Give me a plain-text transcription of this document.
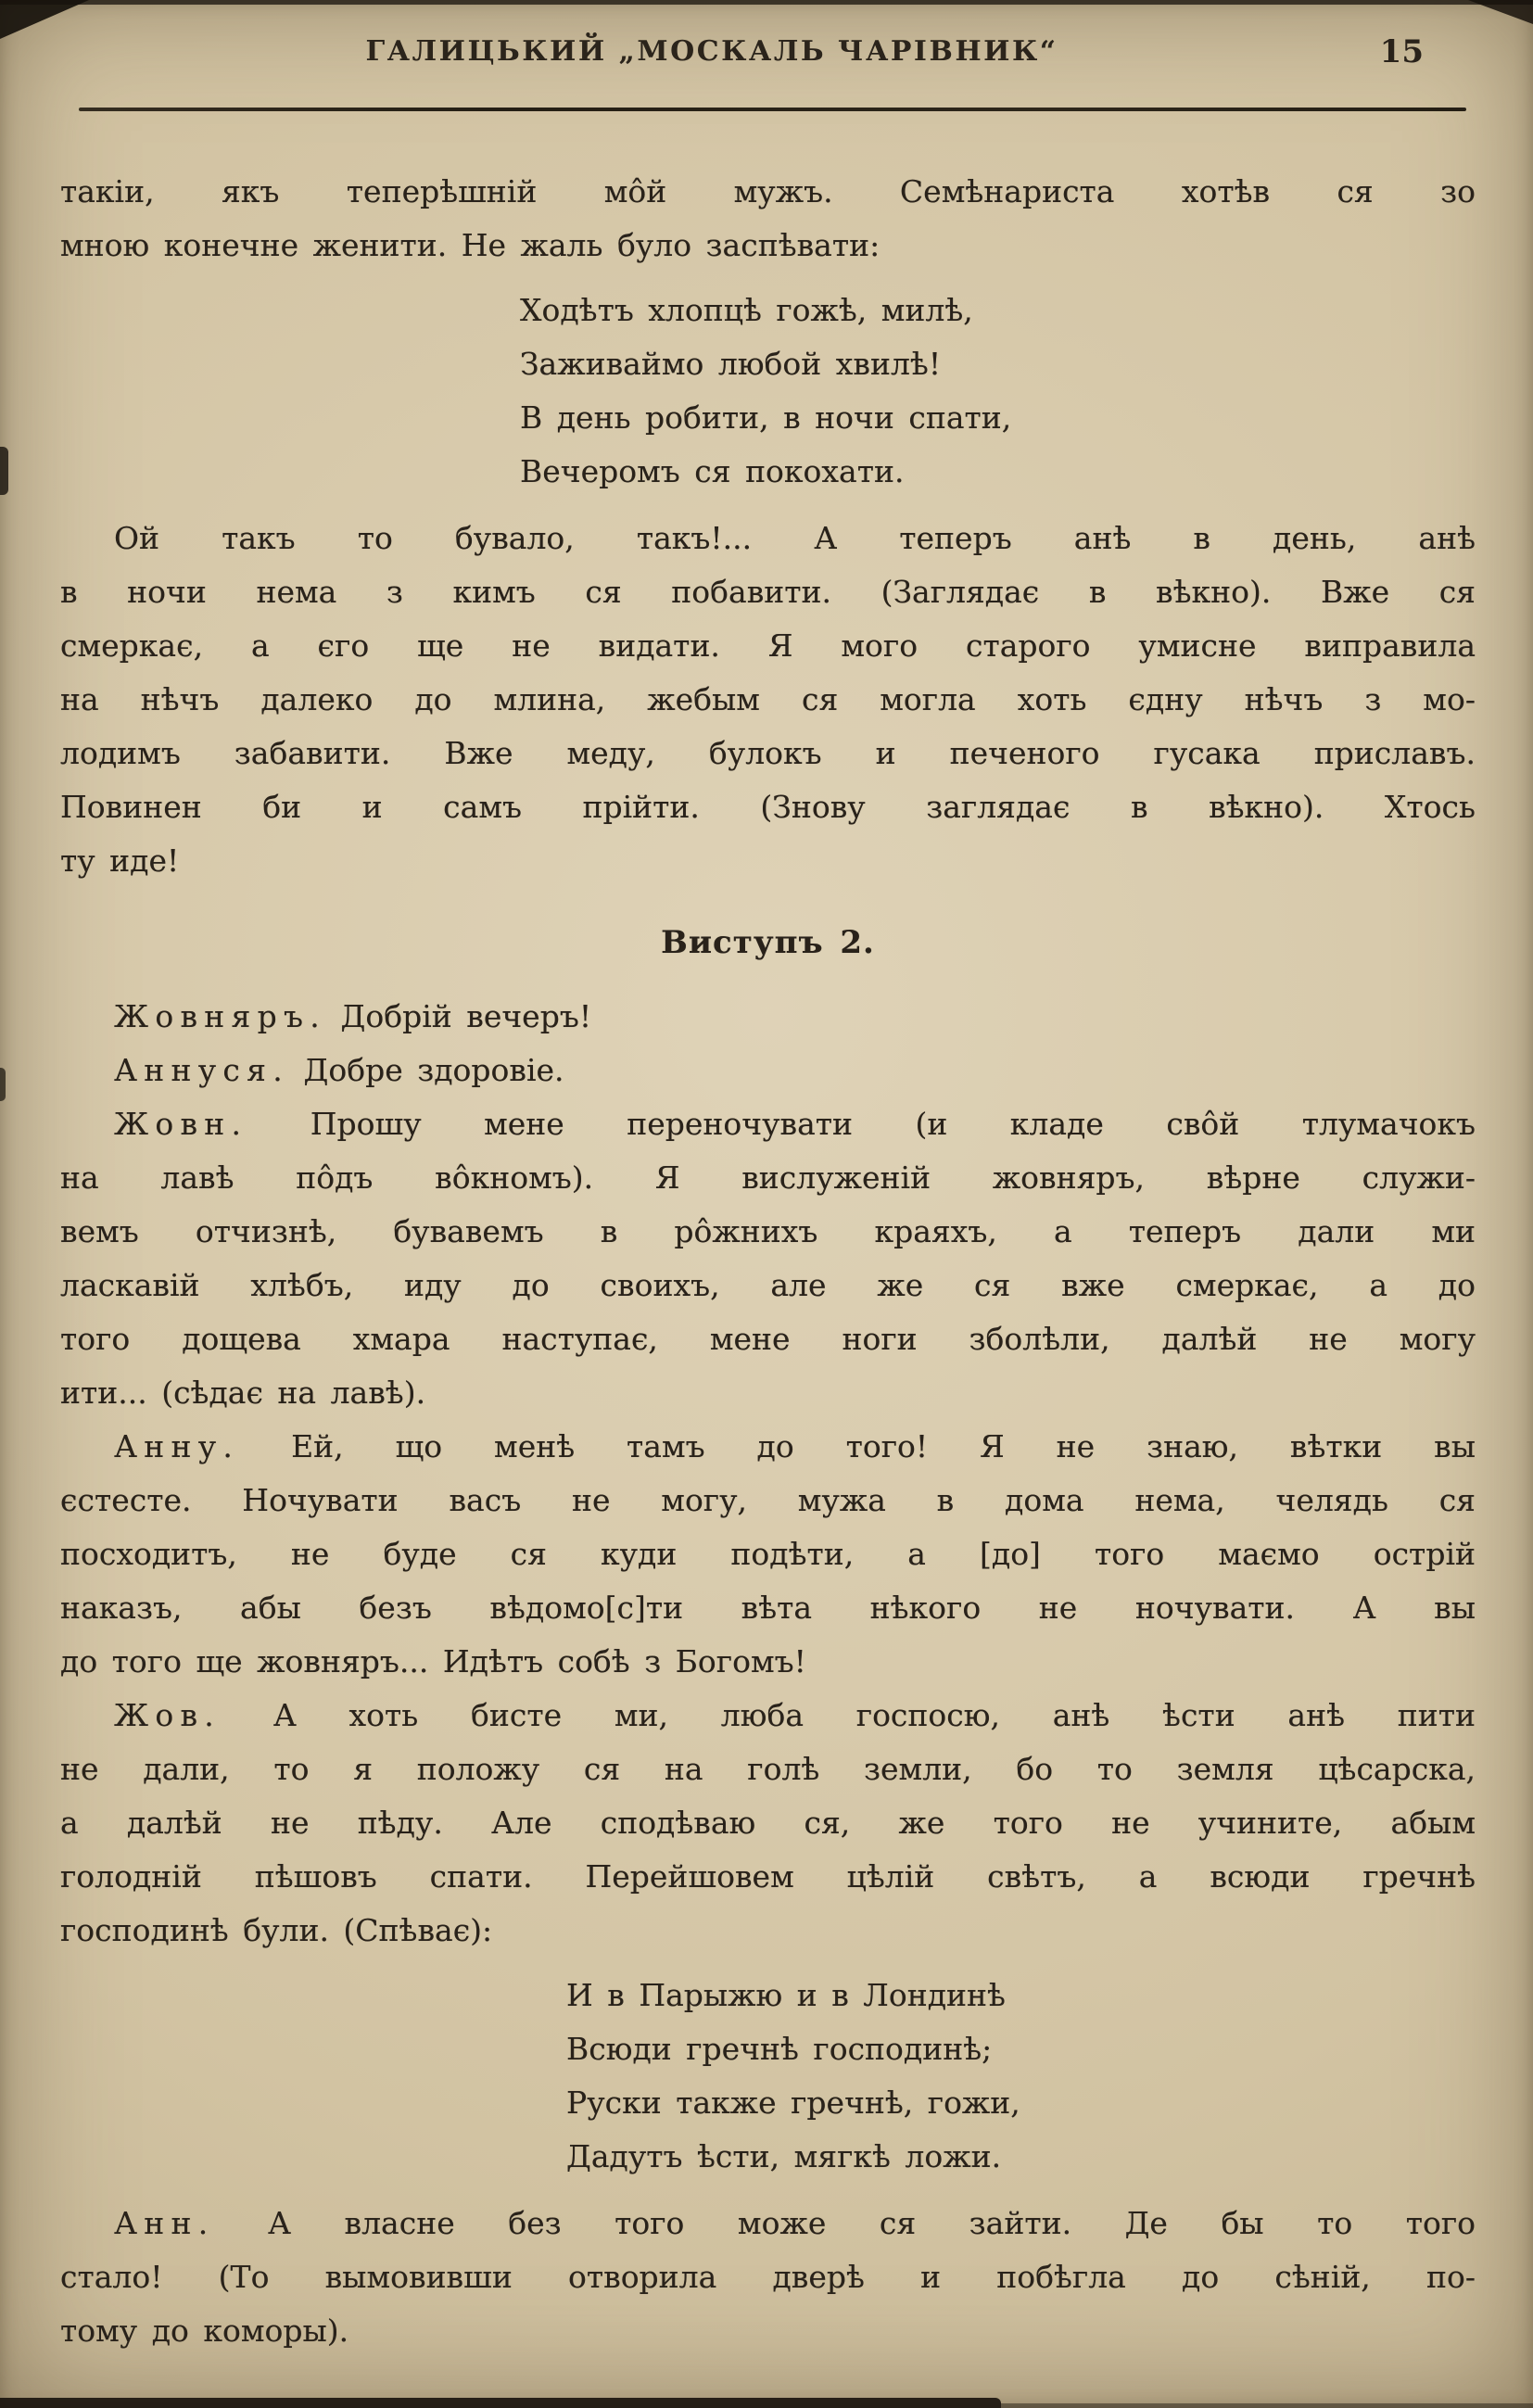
ГАЛИЦЬКИЙ „МОСКАЛЬ ЧАРІВНИК“	15
такіи, якъ теперѣшній мôй мужъ. Семѣнариста хотѣв ся зо
мною конечне женити. Не жаль було заспѣвати:
Ходѣтъ хлопцѣ гожѣ, милѣ,
Заживаймо любой хвилѣ!
В день робити, в ночи спати,
Вечеромъ ся покохати.
Ой такъ то бувало, такъ!... А теперъ анѣ в день, анѣ
в ночи нема з кимъ ся побавити. (Заглядає в вѣкно). Вже ся
смеркає, а єго ще не видати. Я мого старого умисне виправила
на нѣчъ далеко до млина, жебым ся могла хоть єдну нѣчъ з мо-
лодимъ забавити. Вже меду, булокъ и печеного гусака приславъ.
Повинен би и самъ прійти. (Знову заглядає в вѣкно). Хтось
ту иде!
Виступъ 2.
Жовняръ. Добрій вечеръ!
Аннуся. Добре здоровіе.
Жовн. Прошу мене переночувати (и кладе свôй тлумачокъ
на лавѣ пôдъ вôкномъ). Я вислуженій жовняръ, вѣрне служи-
вемъ отчизнѣ, бувавемъ в рôжнихъ краяхъ, а теперъ дали ми
ласкавій хлѣбъ, иду до своихъ, але же ся вже смеркає, а до
того дощева хмара наступає, мене ноги зболѣли, далѣй не могу
ити... (сѣдає на лавѣ).
Анну. Ей, що менѣ тамъ до того! Я не знаю, вѣтки вы
єстесте. Ночувати васъ не могу, мужа в дома нема, челядь ся
посходитъ, не буде ся куди подѣти, а [до] того маємо острій
наказъ, абы безъ вѣдомо[с]ти вѣта нѣкого не ночувати. А вы
до того ще жовняръ... Идѣтъ собѣ з Богомъ!
Жов. А хоть бисте ми, люба госпосю, анѣ ѣсти анѣ пити
не дали, то я положу ся на голѣ земли, бо то земля цѣсарска,
а далѣй не пѣду. Але сподѣваю ся, же того не учините, абым
голодній пѣшовъ спати. Перейшовем цѣлій свѣтъ, а всюди гречнѣ
господинѣ були. (Спѣває):
И в Парыжю и в Лондинѣ
Всюди гречнѣ господинѣ;
Руски также гречнѣ, гожи,
Дадутъ ѣсти, мягкѣ ложи.
Анн. А власне без того може ся зайти. Де бы то того
стало! (То вымовивши отворила дверѣ и побѣгла до сѣній, по-
тому до коморы).
